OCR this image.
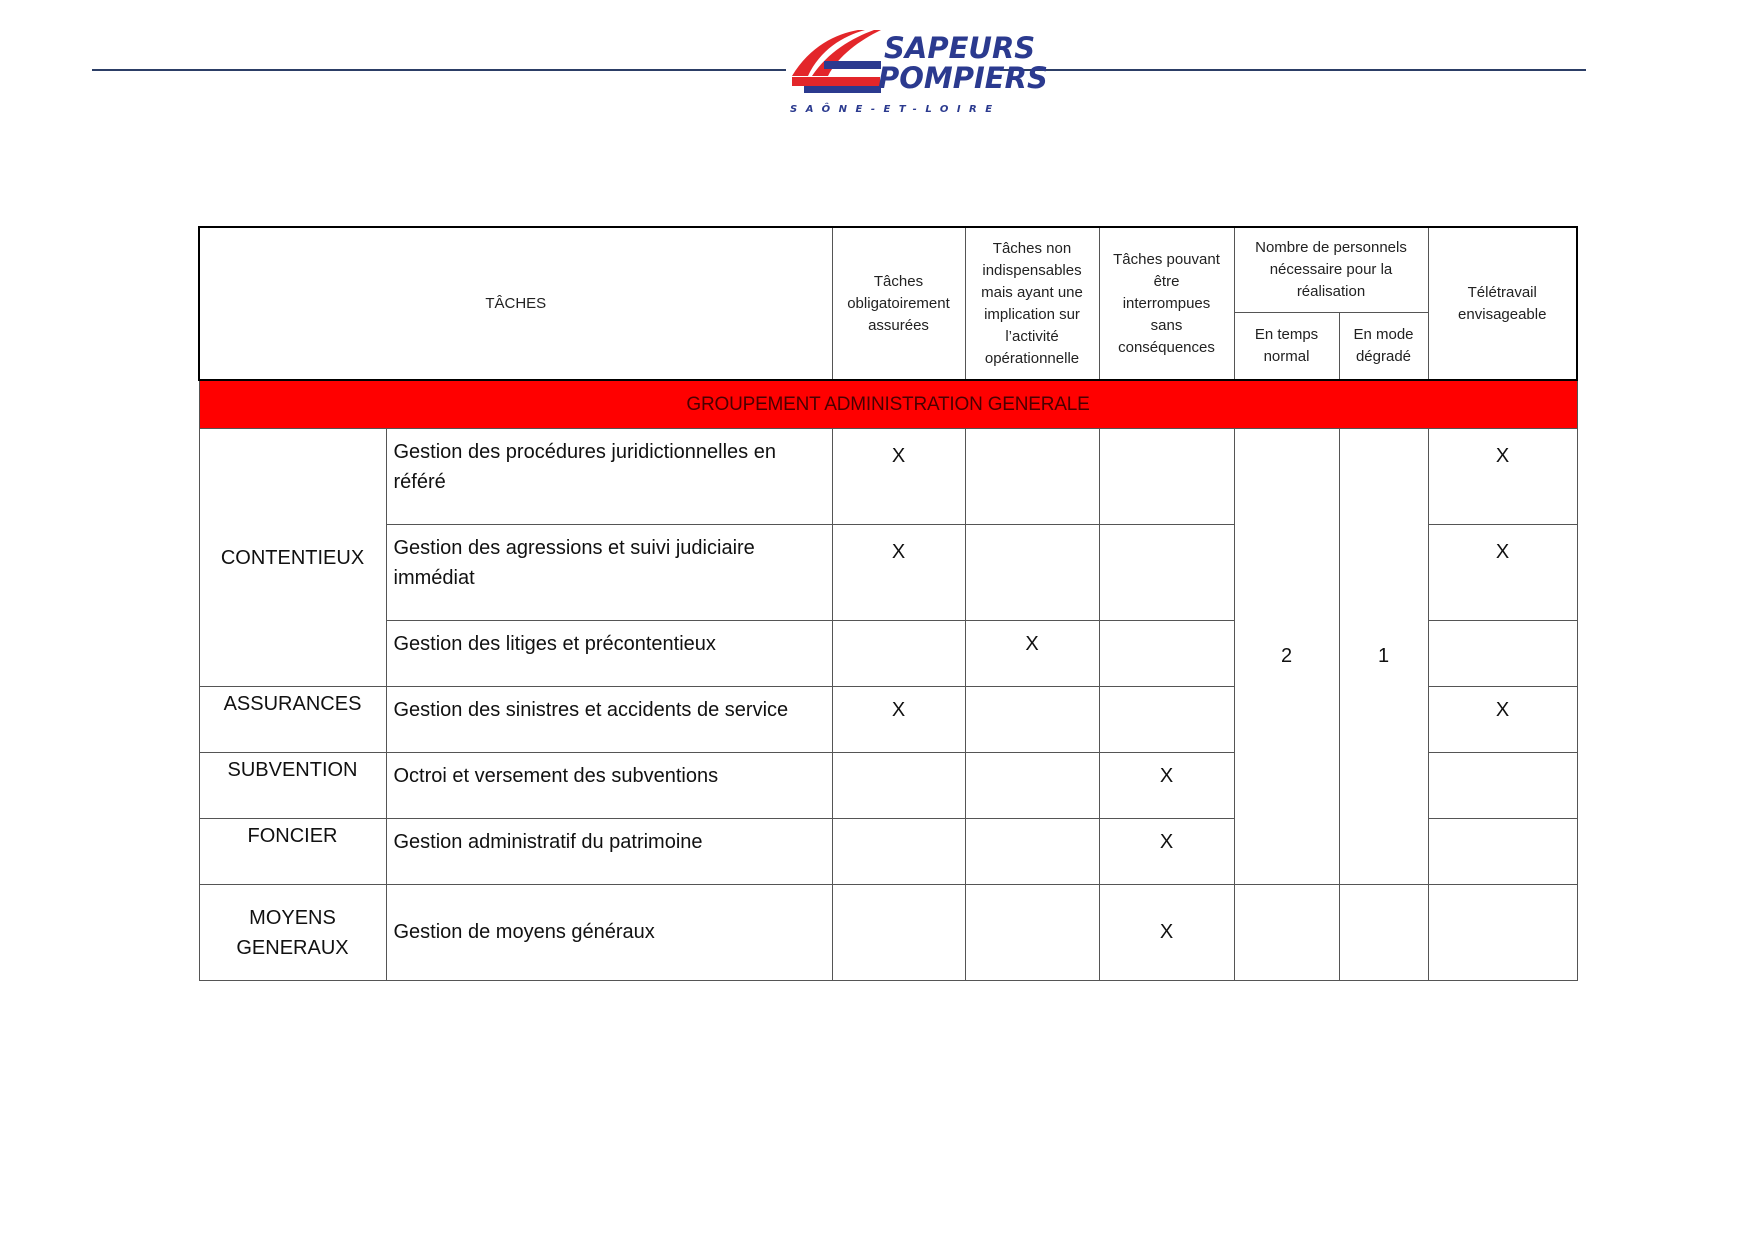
SAPEURS
POMPIERS
SAÔNE-ET-LOIRE
TÂCHES		Tâches obligatoirement assurées	Tâches non indispensables mais ayant une implication sur l’activité opérationnelle	Tâches pouvant être interrompues sans conséquences	Nombre de personnels nécessaire pour la réalisation		Télétravail envisageable
					En temps normal	En mode dégradé	
GROUPEMENT ADMINISTRATION GENERALE							
CONTENTIEUX	Gestion des procédures juridictionnelles en référé	X			2	1	X
	Gestion des agressions et suivi judiciaire immédiat	X					X
	Gestion des litiges et précontentieux		X				
ASSURANCES	Gestion des sinistres et accidents de service	X					X
SUBVENTION	Octroi et versement des subventions			X			
FONCIER	Gestion administratif du patrimoine			X			
MOYENS GENERAUX	Gestion de moyens généraux			X			
